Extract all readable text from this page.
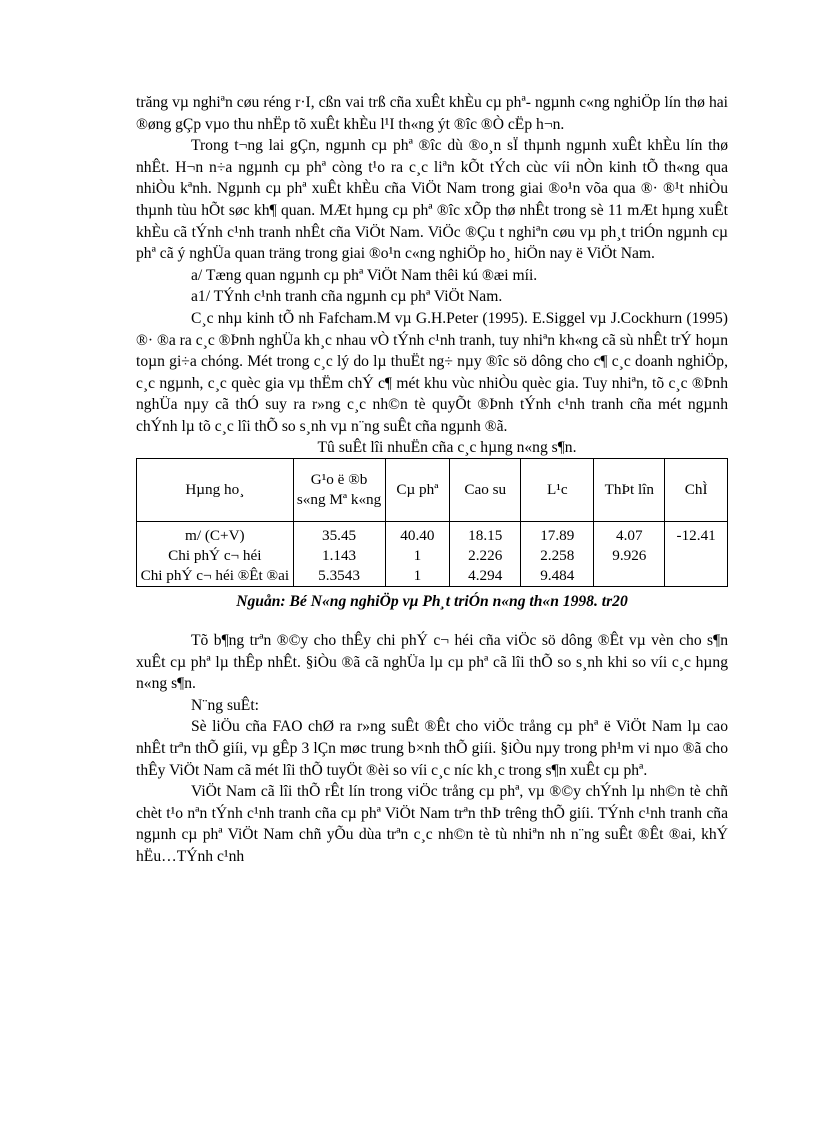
trăng vµ nghiªn cøu réng r·I, cßn vai trß cña xuÊt khÈu cµ phª- ngµnh c«ng nghiÖp lín thø hai ®øng gÇp vµo thu nhËp tõ xuÊt khÈu l¹I th«ng ýt ®îc ®Ò cËp h¬n.

Trong t¬ng lai gÇn, ngµnh cµ phª ®îc dù ®o¸n sÏ thµnh ngµnh xuÊt khÈu lín thø nhÊt. H¬n n÷a ngµnh cµ phª còng t¹o ra c¸c liªn kÕt tÝch cùc víi nÒn kinh tÕ th«ng qua nhiÒu kªnh. Ngµnh cµ phª xuÊt khÈu cña ViÖt Nam trong giai ®o¹n võa qua ®· ®¹t nhiÒu thµnh tùu hÕt søc kh¶ quan. MÆt hµng cµ phª ®îc xÕp thø nhÊt trong sè 11 mÆt hµng xuÊt khÈu cã tÝnh c¹nh tranh nhÊt cña ViÖt Nam. ViÖc ®Çu t nghiªn cøu vµ ph¸t triÓn ngµnh cµ phª cã ý nghÜa quan träng trong giai ®o¹n c«ng nghiÖp ho¸ hiÖn nay ë ViÖt Nam.

a/ Tæng quan ngµnh cµ phª ViÖt Nam thêi kú ®æi míi.

a1/ TÝnh c¹nh tranh cña ngµnh cµ phª ViÖt Nam.

C¸c nhµ kinh tÕ nh Fafcham.M vµ G.H.Peter (1995). E.Siggel vµ J.Cockhurn (1995) ®· ®a ra c¸c ®Þnh nghÜa kh¸c nhau vÒ tÝnh c¹nh tranh, tuy nhiªn kh«ng cã sù nhÊt trÝ hoµn toµn gi÷a chóng. Mét trong c¸c lý do lµ thuËt ng÷ nµy ®îc sö dông cho c¶ c¸c doanh nghiÖp, c¸c ngµnh, c¸c quèc gia vµ thËm chÝ c¶ mét khu vùc nhiÒu quèc gia. Tuy nhiªn, tõ c¸c ®Þnh nghÜa nµy cã thÓ suy ra r»ng c¸c nh©n tè quyÕt ®Þnh tÝnh c¹nh tranh cña mét ngµnh chÝnh lµ tõ c¸c lîi thÕ so s¸nh vµ n¨ng suÊt cña ngµnh ®ã.

Tû suÊt lîi nhuËn cña c¸c hµng n«ng s¶n.

Hµng ho¸	G¹o ë ®b s«ng Mª k«ng	Cµ phª	Cao su	L¹c	ThÞt lîn	ChÌ
m/ (C+V)	35.45	40.40	18.15	17.89	4.07	-12.41
Chi phÝ c¬ héi	1.143	1	2.226	2.258	9.926	
Chi phÝ c¬ héi ®Êt ®ai	5.3543	1	4.294	9.484		

Nguån: Bé N«ng nghiÖp vµ Ph¸t triÓn n«ng th«n 1998. tr20

Tõ b¶ng trªn ®©y cho thÊy chi phÝ c¬ héi cña viÖc sö dông ®Êt vµ vèn cho s¶n xuÊt cµ phª lµ thÊp nhÊt. §iÒu ®ã cã nghÜa lµ cµ phª cã lîi thÕ so s¸nh khi so víi c¸c hµng n«ng s¶n.

N¨ng suÊt:

Sè liÖu cña FAO chØ ra r»ng suÊt ®Êt cho viÖc trång cµ phª ë ViÖt Nam lµ cao nhÊt trªn thÕ giíi, vµ gÊp 3 lÇn møc trung b×nh thÕ giíi. §iÒu nµy trong ph¹m vi nµo ®ã cho thÊy ViÖt Nam cã mét lîi thÕ tuyÖt ®èi so víi c¸c níc kh¸c trong s¶n xuÊt cµ phª.

ViÖt Nam cã lîi thÕ rÊt lín trong viÖc trång cµ phª, vµ ®©y chÝnh lµ nh©n tè chñ chèt t¹o nªn tÝnh c¹nh tranh cña cµ phª ViÖt Nam trªn thÞ trêng thÕ giíi. TÝnh c¹nh tranh cña ngµnh cµ phª ViÖt Nam chñ yÕu dùa trªn c¸c nh©n tè tù nhiªn nh n¨ng suÊt ®Êt ®ai, khÝ hËu…TÝnh c¹nh
